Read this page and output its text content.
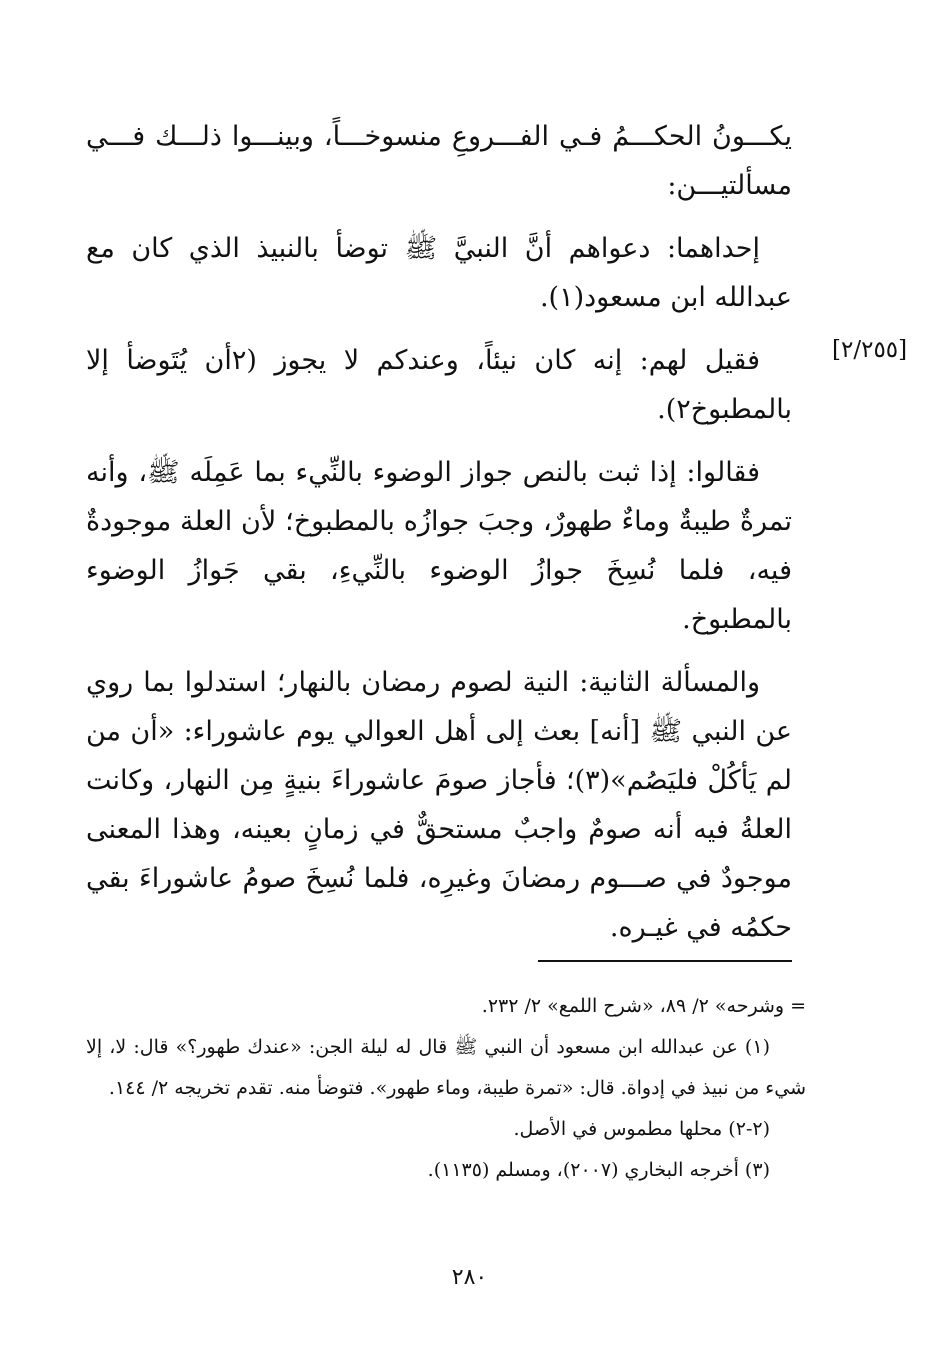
يكـــونُ الحكـــمُ فـي الفـــروعِ منسوخـــاً، وبينـــوا ذلـــك فـــي مسألتيـــن:

إحداهما: دعواهم أنَّ النبيَّ ﷺ توضأ بالنبيذ الذي كان مع عبدالله ابن مسعود(١).

فقيل لهم: إنه كان نيئاً، وعندكم لا يجوز (٢أن يُتَوضأ إلا بالمطبوخ٢).

فقالوا: إذا ثبت بالنص جواز الوضوء بالنِّيء بما عَمِلَه ﷺ، وأنه تمرةٌ طيبةٌ وماءٌ طهورٌ، وجبَ جوازُه بالمطبوخ؛ لأن العلة موجودةٌ فيه، فلما نُسِخَ جوازُ الوضوء بالنِّيءِ، بقي جَوازُ الوضوء بالمطبوخ.

والمسألة الثانية: النية لصوم رمضان بالنهار؛ استدلوا بما روي عن النبي ﷺ [أنه] بعث إلى أهل العوالي يوم عاشوراء: «أن من لم يَأكُلْ فليَصُم»(٣)؛ فأجاز صومَ عاشوراءَ بنيةٍ مِن النهار، وكانت العلةُ فيه أنه صومٌ واجبٌ مستحقٌّ في زمانٍ بعينه، وهذا المعنى موجودٌ في صـــوم رمضانَ وغيرِه، فلما نُسِخَ صومُ عاشوراءَ بقي حكمُه في غيـره.

[٢/٢٥٥]

= وشرحه» ٢/ ٨٩، «شرح اللمع» ٢/ ٢٣٢.

(١) عن عبدالله ابن مسعود أن النبي ﷺ قال له ليلة الجن: «عندك طهور؟» قال: لا، إلا شيء من نبيذ في إدواة. قال: «تمرة طيبة، وماء طهور». فتوضأ منه. تقدم تخريجه ٢/ ١٤٤.

(٢-٢) محلها مطموس في الأصل.

(٣) أخرجه البخاري (٢٠٠٧)، ومسلم (١١٣٥).

٢٨٠
